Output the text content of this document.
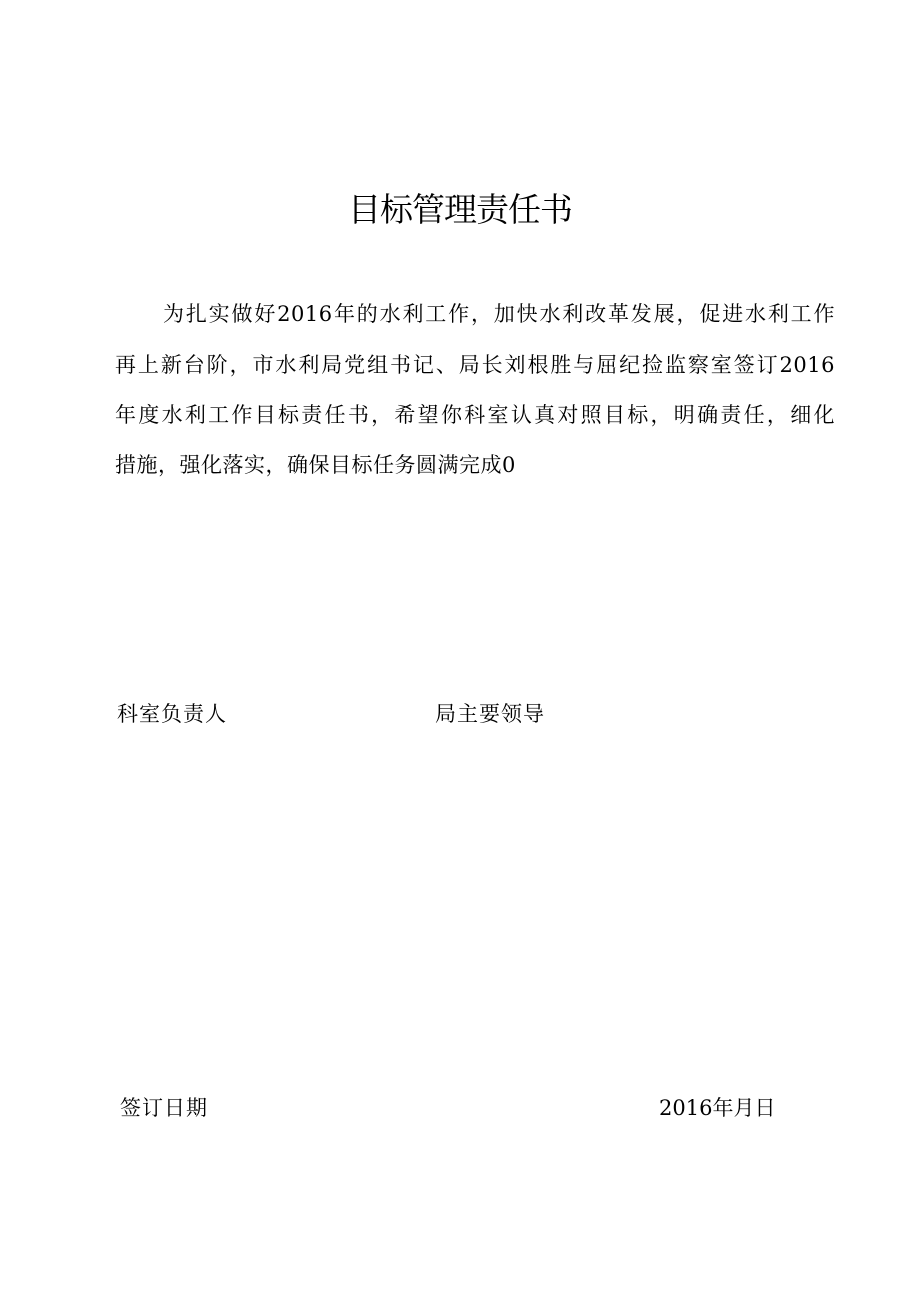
目标管理责任书

为扎实做好2016年的水利工作，加快水利改革发展，促进水利工作

再上新台阶，市水利局党组书记、局长刘根胜与屈纪捡监察室签订2016

年度水利工作目标责任书，希望你科室认真对照目标，明确责任，细化

措施，强化落实，确保目标任务圆满完成0

科室负责人	局主要领导
签订日期	2016年月日
